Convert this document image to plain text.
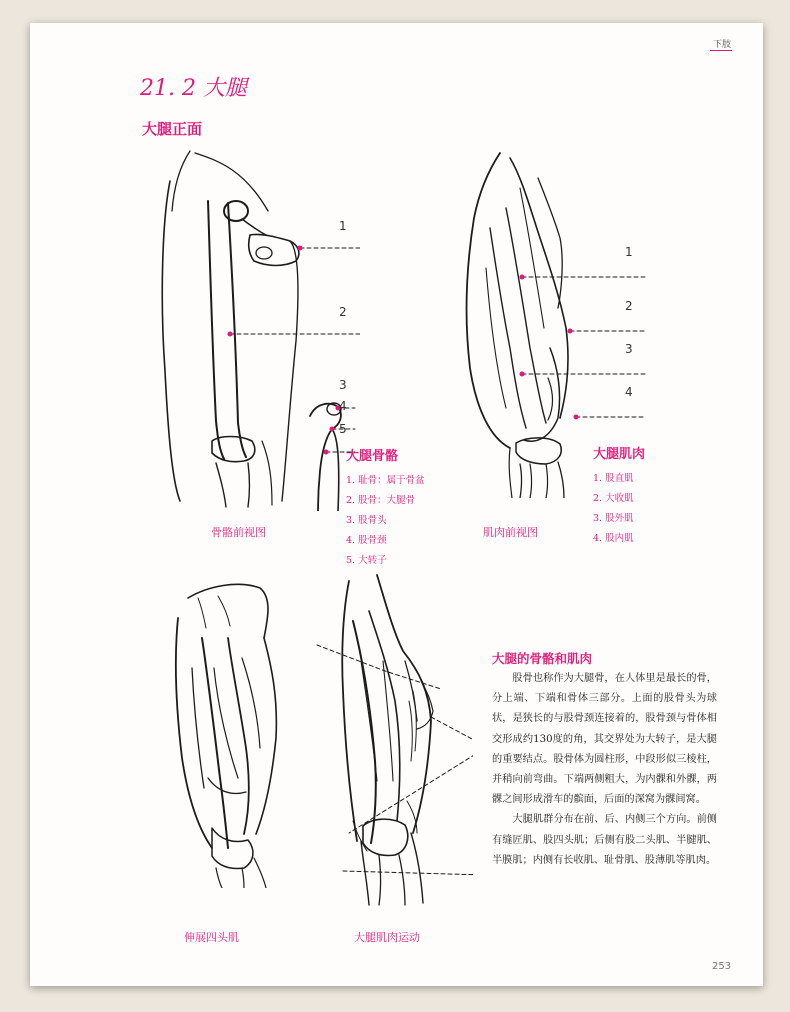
下肢
21. 2 大腿
大腿正面
1
2
3
4
5
骨骼前视图
大腿骨骼
1. 耻骨：属于骨盆
2. 股骨：大腿骨
3. 股骨头
4. 股骨颈
5. 大转子
1
2
3
4
肌肉前视图
大腿肌肉
1. 股直肌
2. 大收肌
3. 股外肌
4. 股内肌
伸展四头肌	大腿肌肉运动
大腿的骨骼和肌肉

股骨也称作为大腿骨，在人体里是最长的骨，分上端、下端和骨体三部分。上面的股骨头为球状，是狭长的与股骨颈连接着的，股骨颈与骨体相交形成约130度的角，其交界处为大转子，是大腿的重要结点。股骨体为圆柱形，中段形似三棱柱，并稍向前弯曲。下端两侧粗大，为内髁和外髁，两髁之间形成滑车的髌面，后面的深窝为髁间窝。

大腿肌群分布在前、后、内侧三个方向。前侧有缝匠肌、股四头肌；后侧有股二头肌、半腱肌、半膜肌；内侧有长收肌、耻骨肌、股薄肌等肌肉。

253
